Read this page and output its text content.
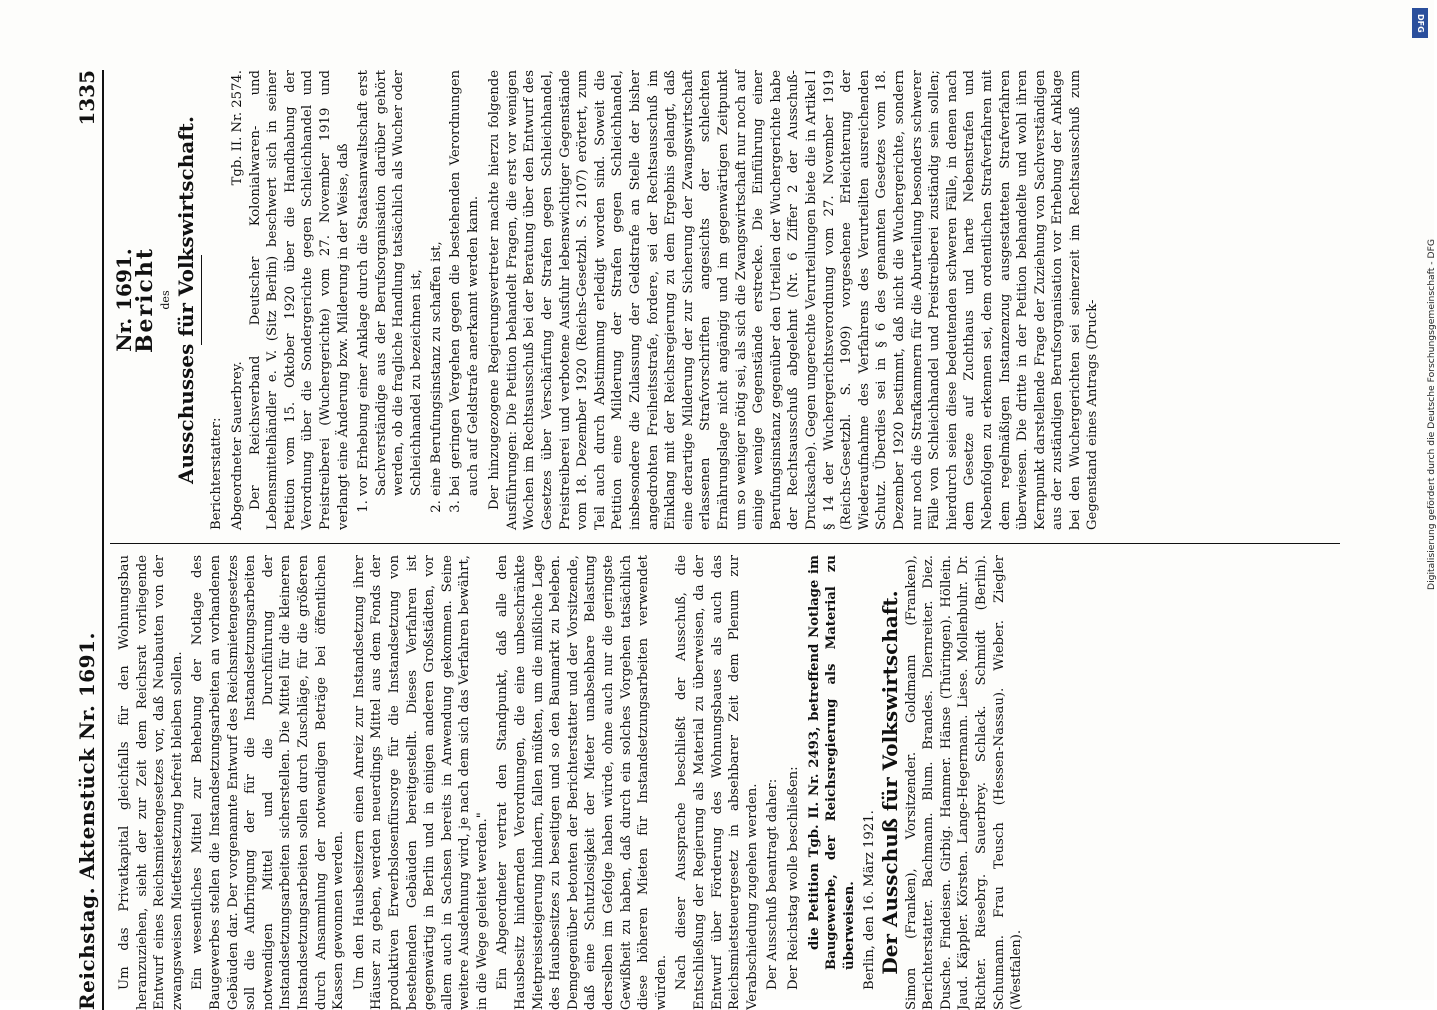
Reichstag. Aktenstück Nr. 1691.
1335

Um das Privatkapital gleichfalls für den Wohnungsbau heranzuziehen, sieht der zur Zeit dem Reichsrat vorliegende Entwurf eines Reichsmietengesetzes vor, daß Neubauten von der zwangsweisen Mietfestsetzung befreit bleiben sollen. Ein wesentliches Mittel zur Behebung der Notlage des Baugewerbes stellen die Instandsetzungsarbeiten an vorhandenen Gebäuden dar. Der vorgenannte Entwurf des Reichsmietengesetzes soll die Aufbringung der für die Instandsetzungsarbeiten notwendigen Mittel und die Durchführung der Instandsetzungsarbeiten sicherstellen. Die Mittel für die kleineren Instandsetzungsarbeiten sollen durch Zuschläge, für die größeren durch Ansammlung der notwendigen Beträge bei öffentlichen Kassen gewonnen werden. Um den Hausbesitzern einen Anreiz zur Instandsetzung ihrer Häuser zu geben, werden neuerdings Mittel aus dem Fonds der produktiven Erwerbslosenfürsorge für die Instandsetzung von bestehenden Gebäuden bereitgestellt. Dieses Verfahren ist gegenwärtig in Berlin und in einigen anderen Großstädten, vor allem auch in Sachsen bereits in Anwendung gekommen. Seine weitere Ausdehnung wird, je nach dem sich das Verfahren bewährt, in die Wege geleitet werden." Ein Abgeordneter vertrat den Standpunkt, daß alle den Hausbesitz hindernden Verordnungen, die eine unbeschränkte Mietpreissteigerung hindern, fallen müßten, um die mißliche Lage des Hausbesitzes zu beseitigen und so den Baumarkt zu beleben. Demgegenüber betonten der Berichterstatter und der Vorsitzende, daß eine Schutzlosigkeit der Mieter unabsehbare Belastung derselben im Gefolge haben würde, ohne auch nur die geringste Gewißheit zu haben, daß durch ein solches Vorgehen tatsächlich diese höheren Mieten für Instandsetzungsarbeiten verwendet würden. Nach dieser Aussprache beschließt der Ausschuß, die Entschließung der Regierung als Material zu überweisen, da der Entwurf über Förderung des Wohnungsbaues als auch das Reichsmietsteuergesetz in absehbarer Zeit dem Plenum zur Verabschiedung zugehen werden. Der Ausschuß beantragt daher: Der Reichstag wolle beschließen: die Petition Tgb. II. Nr. 2493, betreffend Notlage im Baugewerbe, der Reichsregierung als Material zu überweisen. Berlin, den 16. März 1921. Der Ausschuß für Volkswirtschaft. Simon (Franken), Vorsitzender. Goldmann (Franken), Berichterstatter. Bachmann. Blum. Brandes. Diernreiter. Diez. Dusche. Findeisen. Girbig. Hammer. Hänse (Thüringen). Höllein. Jaud. Käppler. Körsten. Lange-Hegermann. Liese. Mollenbuhr. Dr. Richter. Riesebrg. Sauerbrey. Schlack. Schmidt (Berlin). Schumann. Frau Teusch (Hessen-Nassau). Wieber. Ziegler (Westfalen).

Nr. 1691.

Bericht des Ausschusses für Volkswirtschaft. Berichterstatter: Abgeordneter Sauerbrey.
Tgb. II. Nr. 2574. Der Reichsverband Deutscher Kolonialwaren- und Lebensmittelhändler e. V. (Sitz Berlin) beschwert sich in seiner Petition vom 15. Oktober 1920 über die Handhabung der Verordnung über die Sondergerichte gegen Schleichhandel und Preistreiberei (Wuchergerichte) vom 27. November 1919 und verlangt eine Änderung bzw. Milderung in der Weise, daß 1. vor Erhebung einer Anklage durch die Staatsanwaltschaft erst Sachverständige aus der Berufsorganisation darüber gehört werden, ob die fragliche Handlung tatsächlich als Wucher oder Schleichhandel zu bezeichnen ist, 2. eine Berufungsinstanz zu schaffen ist, 3. bei geringen Vergehen gegen die bestehenden Verordnungen auch auf Geldstrafe anerkannt werden kann. Der hinzugezogene Regierungsvertreter machte hierzu folgende Ausführungen: Die Petition behandelt Fragen, die erst vor wenigen Wochen im Rechtsausschuß bei der Beratung über den Entwurf des Gesetzes über Verschärfung der Strafen gegen Schleichhandel, Preistreiberei und verbotene Ausfuhr lebenswichtiger Gegenstände vom 18. Dezember 1920 (Reichs-Gesetzbl. S. 2107) erörtert, zum Teil auch durch Abstimmung erledigt worden sind. Soweit die Petition eine Milderung der Strafen gegen Schleichhandel, insbesondere die Zulassung der Geldstrafe an Stelle der bisher angedrohten Freiheitsstrafe, fordere, sei der Rechtsausschuß im Einklang mit der Reichsregierung zu dem Ergebnis gelangt, daß eine derartige Milderung der zur Sicherung der Zwangswirtschaft erlassenen Strafvorschriften angesichts der schlechten Ernährungslage nicht angängig und im gegenwärtigen Zeitpunkt um so weniger nötig sei, als sich die Zwangswirtschaft nur noch auf einige wenige Gegenstände erstrecke. Die Einführung einer Berufungsinstanz gegenüber den Urteilen der Wuchergerichte habe der Rechtsausschuß abgelehnt (Nr. 6 Ziffer 2 der Ausschuß-Drucksache). Gegen ungerechte Verurteilungen biete die in Artikel I § 14 der Wuchergerichtsverordnung vom 27. November 1919 (Reichs-Gesetzbl. S. 1909) vorgesehene Erleichterung der Wiederaufnahme des Verfahrens des Verurteilten ausreichenden Schutz. Überdies sei in § 6 des genannten Gesetzes vom 18. Dezember 1920 bestimmt, daß nicht die Wuchergerichte, sondern nur noch die Strafkammern für die Aburteilung besonders schwerer Fälle von Schleichhandel und Preistreiberei zuständig sein sollen; hierdurch seien diese bedeutenden schweren Fälle, in denen nach dem Gesetze auf Zuchthaus und harte Nebenstrafen und Nebenfolgen zu erkennen sei, dem ordentlichen Strafverfahren mit dem regelmäßigen Instanzenzug ausgestatteten Strafverfahren überwiesen. Die dritte in der Petition behandelte und wohl ihren Kernpunkt darstellende Frage der Zuziehung von Sachverständigen aus der zuständigen Berufsorganisation vor Erhebung der Anklage bei den Wuchergerichten sei seinerzeit im Rechtsausschuß zum Gegenstand eines Antrags (Druck-

DFG
Digitalisierung gefördert durch die Deutsche Forschungsgemeinschaft - DFG
